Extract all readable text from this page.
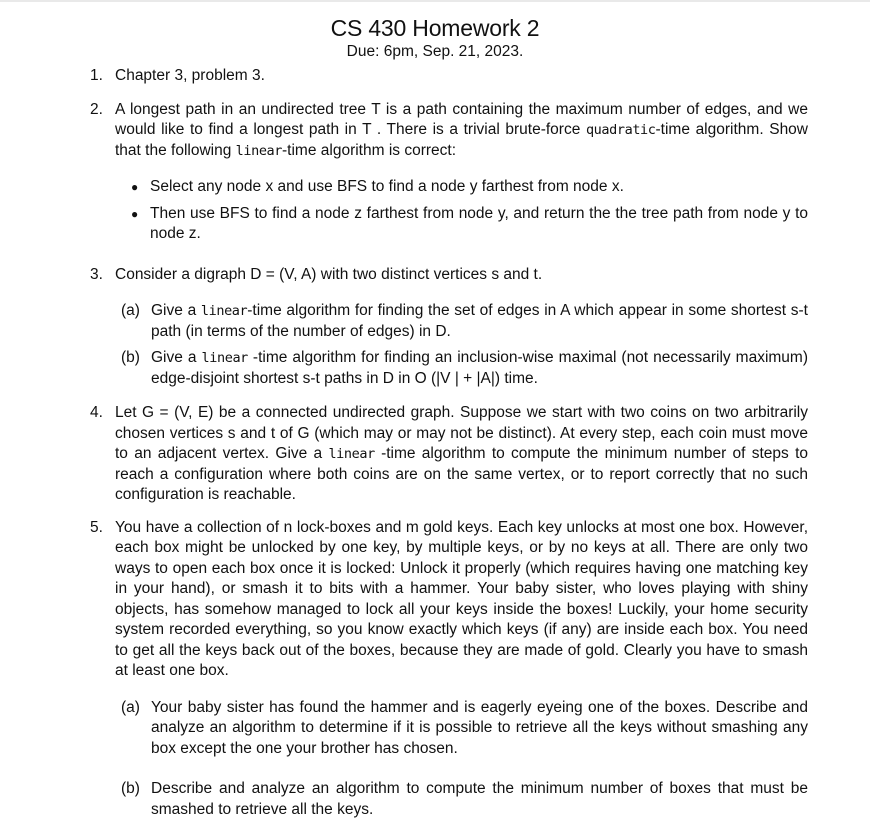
CS 430 Homework 2
Due: 6pm, Sep. 21, 2023.
1. Chapter 3, problem 3.
2. A longest path in an undirected tree T is a path containing the maximum number of edges, and we would like to find a longest path in T . There is a trivial brute-force quadratic-time algorithm. Show that the following linear-time algorithm is correct:
● Select any node x and use BFS to find a node y farthest from node x.
● Then use BFS to find a node z farthest from node y, and return the the tree path from node y to node z.
3. Consider a digraph D = (V, A) with two distinct vertices s and t.
(a) Give a linear-time algorithm for finding the set of edges in A which appear in some shortest s-t path (in terms of the number of edges) in D.
(b) Give a linear -time algorithm for finding an inclusion-wise maximal (not necessarily maximum) edge-disjoint shortest s-t paths in D in O (|V | + |A|) time.
4. Let G = (V, E) be a connected undirected graph. Suppose we start with two coins on two arbitrarily chosen vertices s and t of G (which may or may not be distinct). At every step, each coin must move to an adjacent vertex. Give a linear -time algorithm to compute the minimum number of steps to reach a configuration where both coins are on the same vertex, or to report correctly that no such configuration is reachable.
5. You have a collection of n lock-boxes and m gold keys. Each key unlocks at most one box. However, each box might be unlocked by one key, by multiple keys, or by no keys at all. There are only two ways to open each box once it is locked: Unlock it properly (which requires having one matching key in your hand), or smash it to bits with a hammer. Your baby sister, who loves playing with shiny objects, has somehow managed to lock all your keys inside the boxes! Luckily, your home security system recorded everything, so you know exactly which keys (if any) are inside each box. You need to get all the keys back out of the boxes, because they are made of gold. Clearly you have to smash at least one box.
(a) Your baby sister has found the hammer and is eagerly eyeing one of the boxes. Describe and analyze an algorithm to determine if it is possible to retrieve all the keys without smashing any box except the one your brother has chosen.
(b) Describe and analyze an algorithm to compute the minimum number of boxes that must be smashed to retrieve all the keys.
